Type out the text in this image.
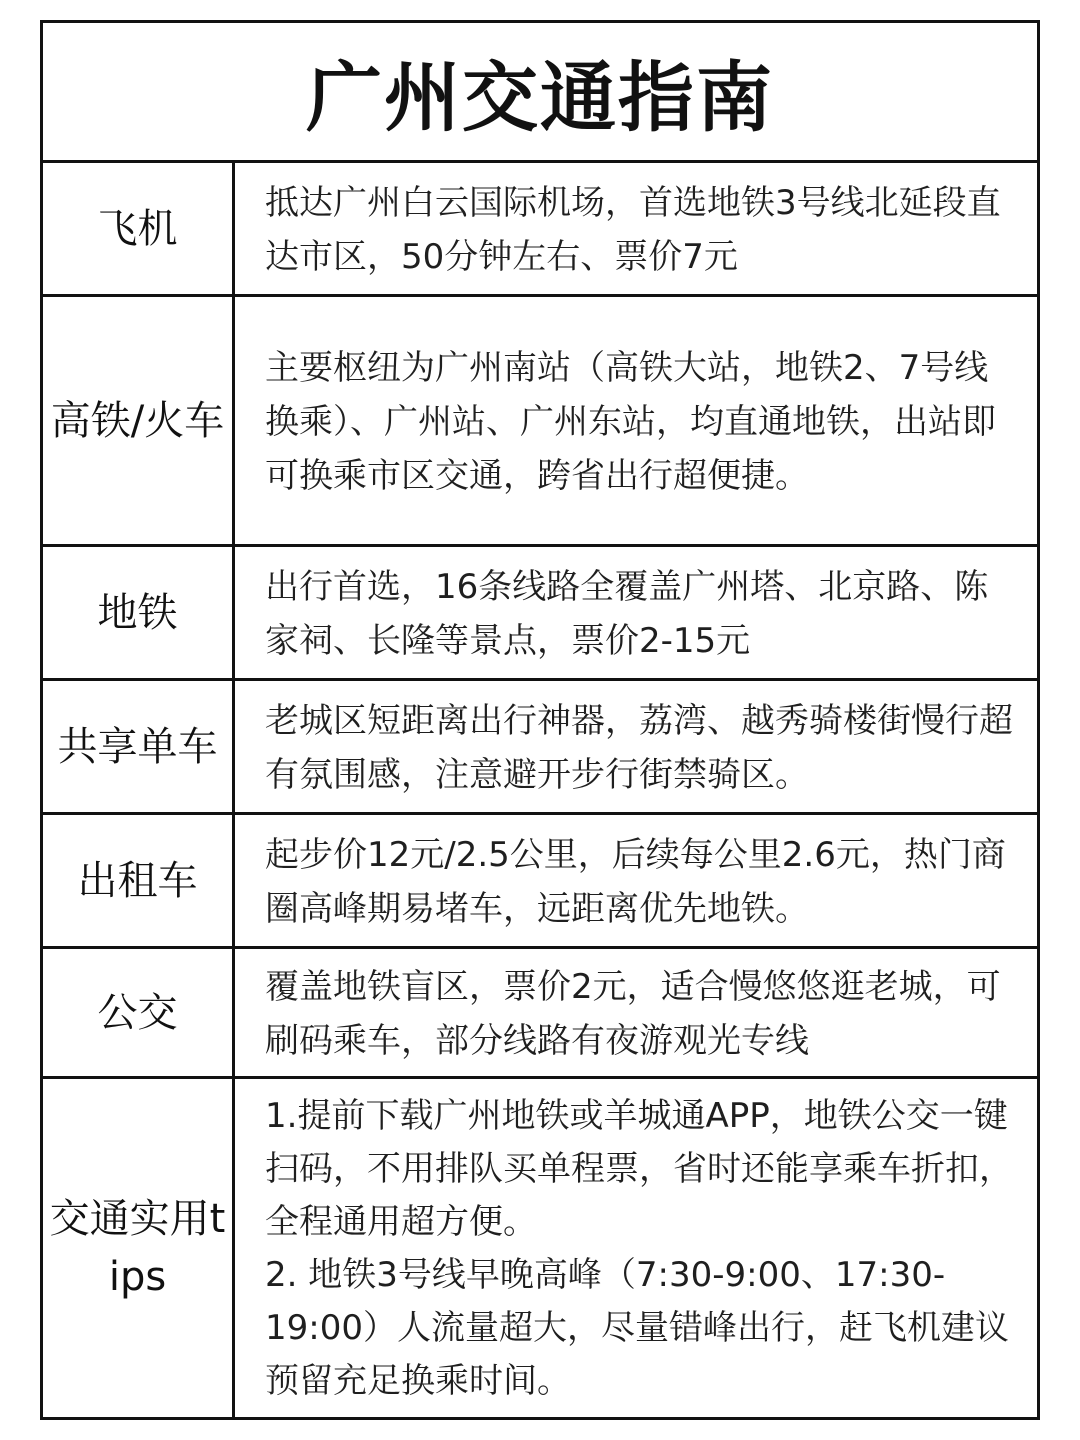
广州交通指南
飞机
抵达广州白云国际机场，首选地铁3号线北延段直达市区，50分钟左右、票价7元
高铁/火车
主要枢纽为广州南站（高铁大站，地铁2、7号线换乘）、广州站、广州东站，均直通地铁，出站即可换乘市区交通，跨省出行超便捷。
地铁
出行首选，16条线路全覆盖广州塔、北京路、陈家祠、长隆等景点，票价2-15元
共享单车
老城区短距离出行神器，荔湾、越秀骑楼街慢行超有氛围感，注意避开步行街禁骑区。
出租车
起步价12元/2.5公里，后续每公里2.6元，热门商圈高峰期易堵车，远距离优先地铁。
公交
覆盖地铁盲区，票价2元，适合慢悠悠逛老城，可刷码乘车，部分线路有夜游观光专线
交通实用tips
1.提前下载广州地铁或羊城通APP，地铁公交一键扫码，不用排队买单程票，省时还能享乘车折扣，全程通用超方便。
2. 地铁3号线早晚高峰（7:30-9:00、17:30-19:00）人流量超大，尽量错峰出行，赶飞机建议预留充足换乘时间。
